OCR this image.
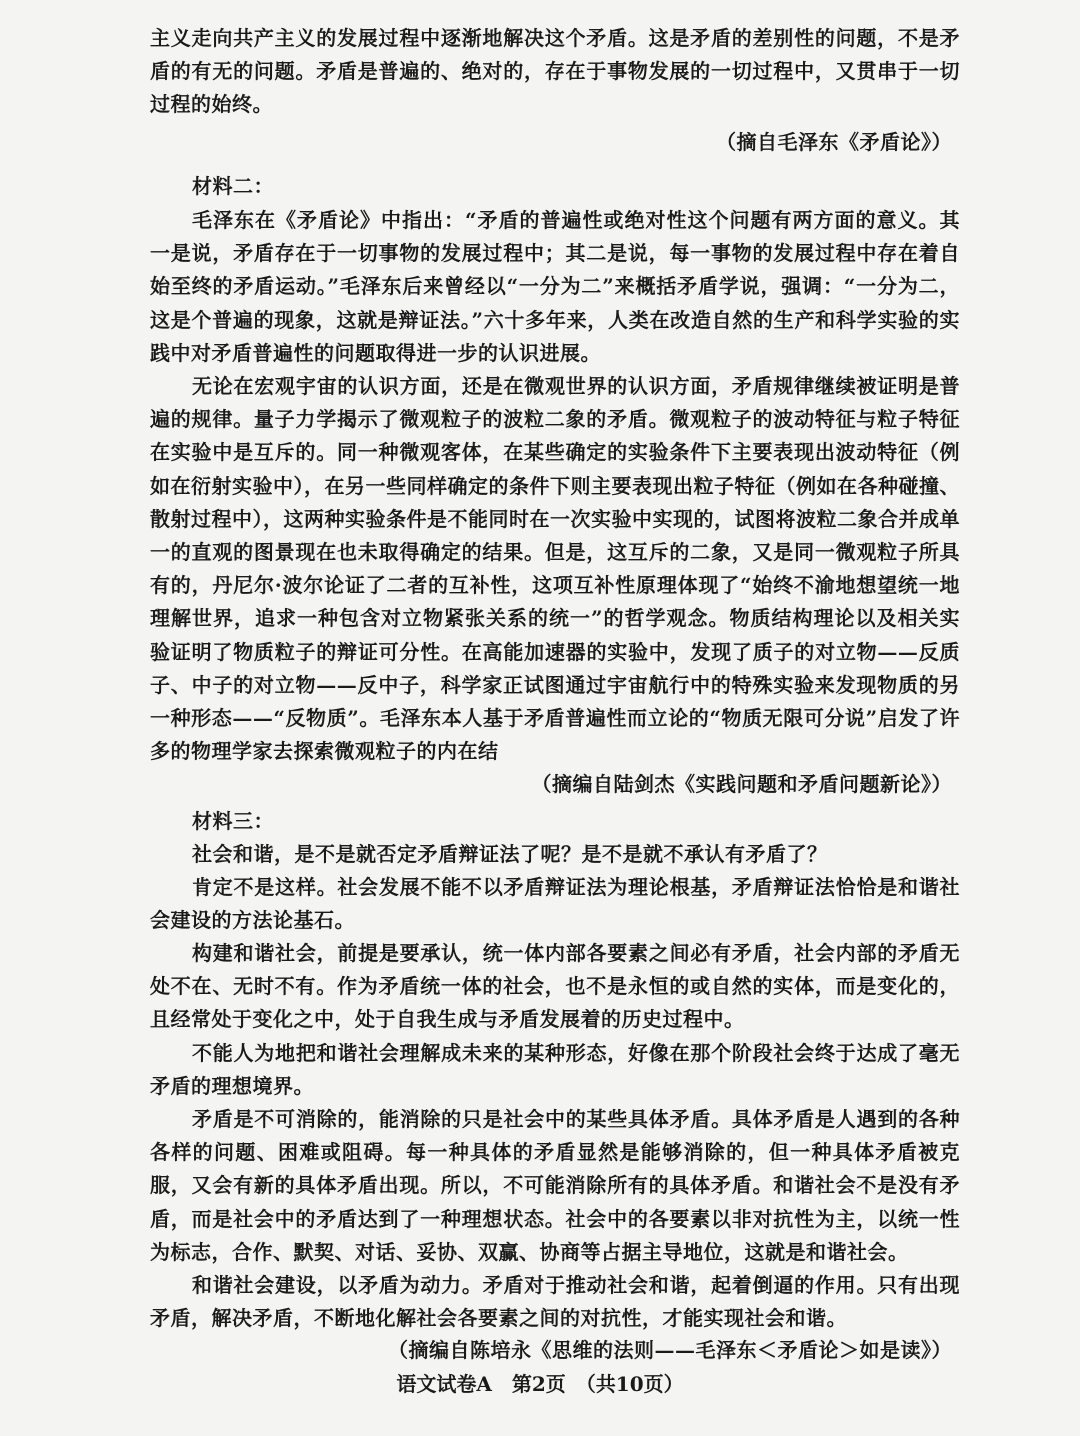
主义走向共产主义的发展过程中逐渐地解决这个矛盾。这是矛盾的差别性的问题，不是矛盾的有无的问题。矛盾是普遍的、绝对的，存在于事物发展的一切过程中，又贯串于一切过程的始终。
（摘自毛泽东《矛盾论》）
材料二：
毛泽东在《矛盾论》中指出：“矛盾的普遍性或绝对性这个问题有两方面的意义。其一是说，矛盾存在于一切事物的发展过程中；其二是说，每一事物的发展过程中存在着自始至终的矛盾运动。”毛泽东后来曾经以“一分为二”来概括矛盾学说，强调：“一分为二，这是个普遍的现象，这就是辩证法。”六十多年来，人类在改造自然的生产和科学实验的实践中对矛盾普遍性的问题取得进一步的认识进展。
无论在宏观宇宙的认识方面，还是在微观世界的认识方面，矛盾规律继续被证明是普遍的规律。量子力学揭示了微观粒子的波粒二象的矛盾。微观粒子的波动特征与粒子特征在实验中是互斥的。同一种微观客体，在某些确定的实验条件下主要表现出波动特征（例如在衍射实验中），在另一些同样确定的条件下则主要表现出粒子特征（例如在各种碰撞、散射过程中），这两种实验条件是不能同时在一次实验中实现的，试图将波粒二象合并成单一的直观的图景现在也未取得确定的结果。但是，这互斥的二象，又是同一微观粒子所具有的，丹尼尔·波尔论证了二者的互补性，这项互补性原理体现了“始终不渝地想望统一地理解世界，追求一种包含对立物紧张关系的统一”的哲学观念。物质结构理论以及相关实验证明了物质粒子的辩证可分性。在高能加速器的实验中，发现了质子的对立物——反质子、中子的对立物——反中子，科学家正试图通过宇宙航行中的特殊实验来发现物质的另一种形态——“反物质”。毛泽东本人基于矛盾普遍性而立论的“物质无限可分说”启发了许多的物理学家去探索微观粒子的内在结
（摘编自陆剑杰《实践问题和矛盾问题新论》）
材料三：
社会和谐，是不是就否定矛盾辩证法了呢？是不是就不承认有矛盾了？
肯定不是这样。社会发展不能不以矛盾辩证法为理论根基，矛盾辩证法恰恰是和谐社会建设的方法论基石。
构建和谐社会，前提是要承认，统一体内部各要素之间必有矛盾，社会内部的矛盾无处不在、无时不有。作为矛盾统一体的社会，也不是永恒的或自然的实体，而是变化的，且经常处于变化之中，处于自我生成与矛盾发展着的历史过程中。
不能人为地把和谐社会理解成未来的某种形态，好像在那个阶段社会终于达成了毫无矛盾的理想境界。
矛盾是不可消除的，能消除的只是社会中的某些具体矛盾。具体矛盾是人遇到的各种各样的问题、困难或阻碍。每一种具体的矛盾显然是能够消除的，但一种具体矛盾被克服，又会有新的具体矛盾出现。所以，不可能消除所有的具体矛盾。和谐社会不是没有矛盾，而是社会中的矛盾达到了一种理想状态。社会中的各要素以非对抗性为主，以统一性为标志，合作、默契、对话、妥协、双赢、协商等占据主导地位，这就是和谐社会。
和谐社会建设，以矛盾为动力。矛盾对于推动社会和谐，起着倒逼的作用。只有出现矛盾，解决矛盾，不断地化解社会各要素之间的对抗性，才能实现社会和谐。
（摘编自陈培永《思维的法则——毛泽东＜矛盾论＞如是读》）
语文试卷A　第2页　（共10页）
